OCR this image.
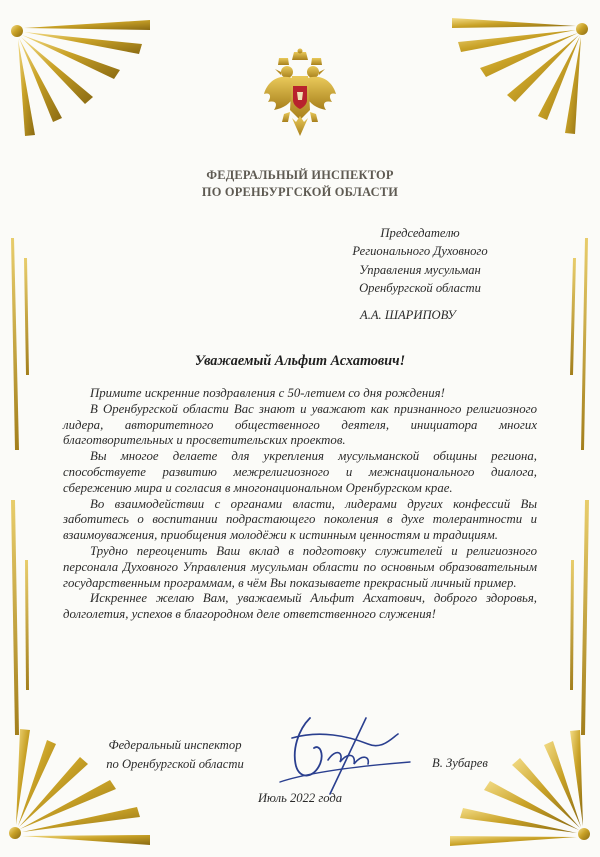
ФЕДЕРАЛЬНЫЙ ИНСПЕКТОР
ПО ОРЕНБУРГСКОЙ ОБЛАСТИ
Председателю
Регионального Духовного
Управления мусульман
Оренбургской области
А.А. ШАРИПОВУ
Уважаемый Альфит Асхатович!

Примите искренние поздравления с 50-летием со дня рождения!

В Оренбургской области Вас знают и уважают как признанного религиозного лидера, авторитетного общественного деятеля, инициатора многих благотворительных и просветительских проектов.

Вы многое делаете для укрепления мусульманской общины региона, способствуете развитию межрелигиозного и межнационального диалога, сбережению мира и согласия в многонациональном Оренбургском крае.

Во взаимодействии с органами власти, лидерами других конфессий Вы заботитесь о воспитании подрастающего поколения в духе толерантности и взаимоуважения, приобщения молодёжи к истинным ценностям и традициям.

Трудно переоценить Ваш вклад в подготовку служителей и религиозного персонала Духовного Управления мусульман области по основным образовательным государственным программам, в чём Вы показываете прекрасный личный пример.

Искреннее желаю Вам, уважаемый Альфит Асхатович, доброго здоровья, долголетия, успехов в благородном деле ответственного служения!

Федеральный инспектор
по Оренбургской области	В. Зубарев
Июль 2022 года
